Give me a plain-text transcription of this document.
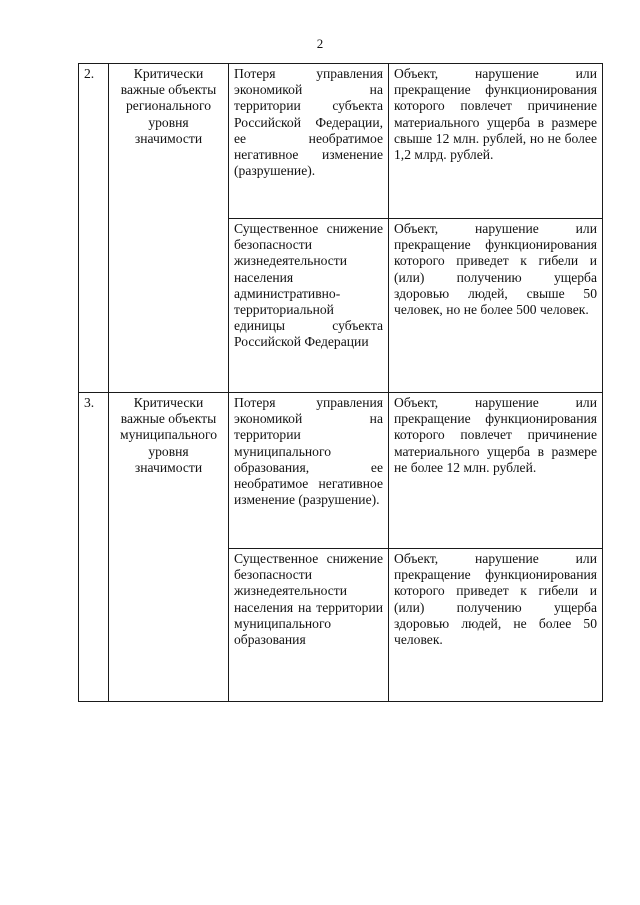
2
2.	Критически важные объекты регионального уровня значимости	Потеря управления экономикой на территории субъекта Российской Федерации, ее необратимое негативное изменение (разрушение).	Объект, нарушение или прекращение функционирования которого повлечет причинение материального ущерба в размере свыше 12 млн. рублей, но не более 1,2 млрд. рублей.
		Существенное снижение безопасности жизнедеятельности населения административно-территориальной единицы субъекта Российской Федерации	Объект, нарушение или прекращение функционирования которого приведет к гибели и (или) получению ущерба здоровью людей, свыше 50 человек, но не более 500 человек.
3.	Критически важные объекты муниципального уровня значимости	Потеря управления экономикой на территории муниципального образования, ее необратимое негативное изменение (разрушение).	Объект, нарушение или прекращение функционирования которого повлечет причинение материального ущерба в размере не более 12 млн. рублей.
		Существенное снижение безопасности жизнедеятельности населения на территории муниципального образования	Объект, нарушение или прекращение функционирования которого приведет к гибели и (или) получению ущерба здоровью людей, не более 50 человек.
